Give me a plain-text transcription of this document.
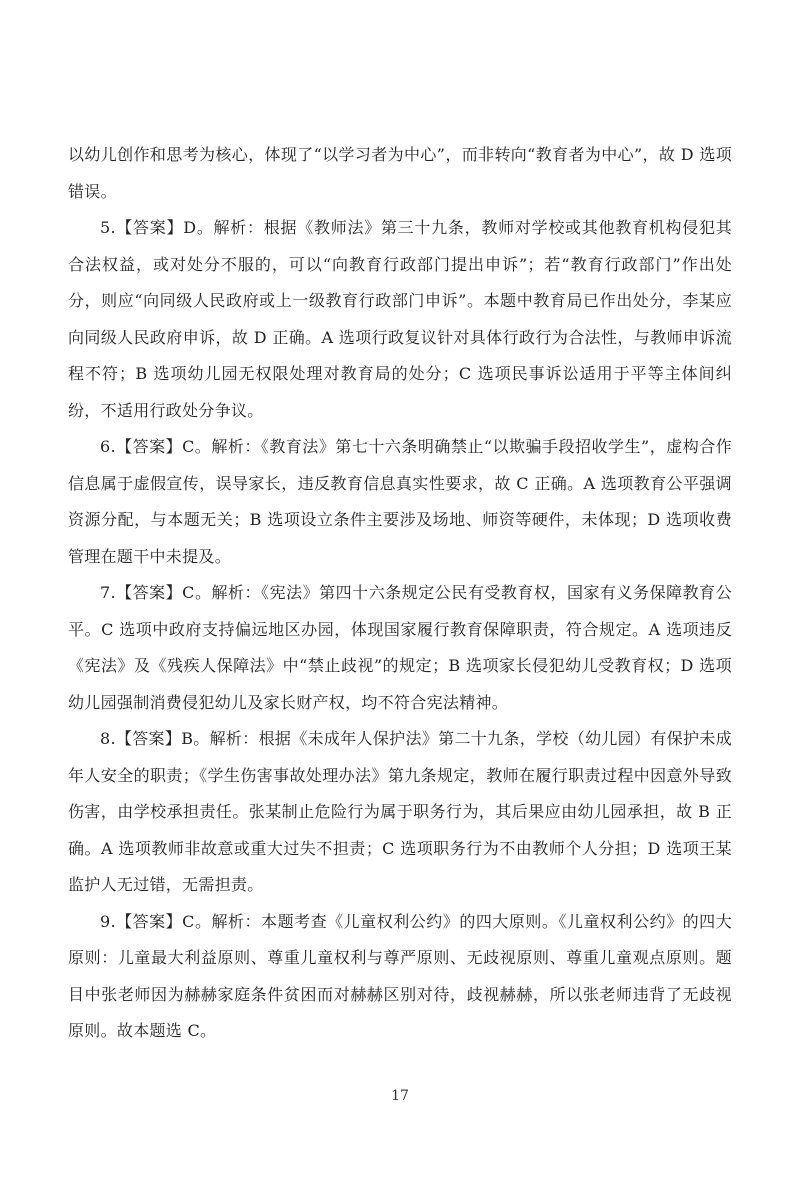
以幼儿创作和思考为核心，体现了“以学习者为中心”，而非转向“教育者为中心”，故 D 选项错误。

5.【答案】D。解析：根据《教师法》第三十九条，教师对学校或其他教育机构侵犯其合法权益，或对处分不服的，可以“向教育行政部门提出申诉”；若“教育行政部门”作出处分，则应“向同级人民政府或上一级教育行政部门申诉”。本题中教育局已作出处分，李某应向同级人民政府申诉，故 D 正确。A 选项行政复议针对具体行政行为合法性，与教师申诉流程不符；B 选项幼儿园无权限处理对教育局的处分；C 选项民事诉讼适用于平等主体间纠纷，不适用行政处分争议。

6.【答案】C。解析：《教育法》第七十六条明确禁止“以欺骗手段招收学生”，虚构合作信息属于虚假宣传，误导家长，违反教育信息真实性要求，故 C 正确。A 选项教育公平强调资源分配，与本题无关；B 选项设立条件主要涉及场地、师资等硬件，未体现；D 选项收费管理在题干中未提及。

7.【答案】C。解析：《宪法》第四十六条规定公民有受教育权，国家有义务保障教育公平。C 选项中政府支持偏远地区办园，体现国家履行教育保障职责，符合规定。A 选项违反《宪法》及《残疾人保障法》中“禁止歧视”的规定；B 选项家长侵犯幼儿受教育权；D 选项幼儿园强制消费侵犯幼儿及家长财产权，均不符合宪法精神。

8.【答案】B。解析：根据《未成年人保护法》第二十九条，学校（幼儿园）有保护未成年人安全的职责；《学生伤害事故处理办法》第九条规定，教师在履行职责过程中因意外导致伤害，由学校承担责任。张某制止危险行为属于职务行为，其后果应由幼儿园承担，故 B 正确。A 选项教师非故意或重大过失不担责；C 选项职务行为不由教师个人分担；D 选项王某监护人无过错，无需担责。

9.【答案】C。解析：本题考查《儿童权利公约》的四大原则。《儿童权利公约》的四大原则：儿童最大利益原则、尊重儿童权利与尊严原则、无歧视原则、尊重儿童观点原则。题目中张老师因为赫赫家庭条件贫困而对赫赫区别对待，歧视赫赫，所以张老师违背了无歧视原则。故本题选 C。

17
